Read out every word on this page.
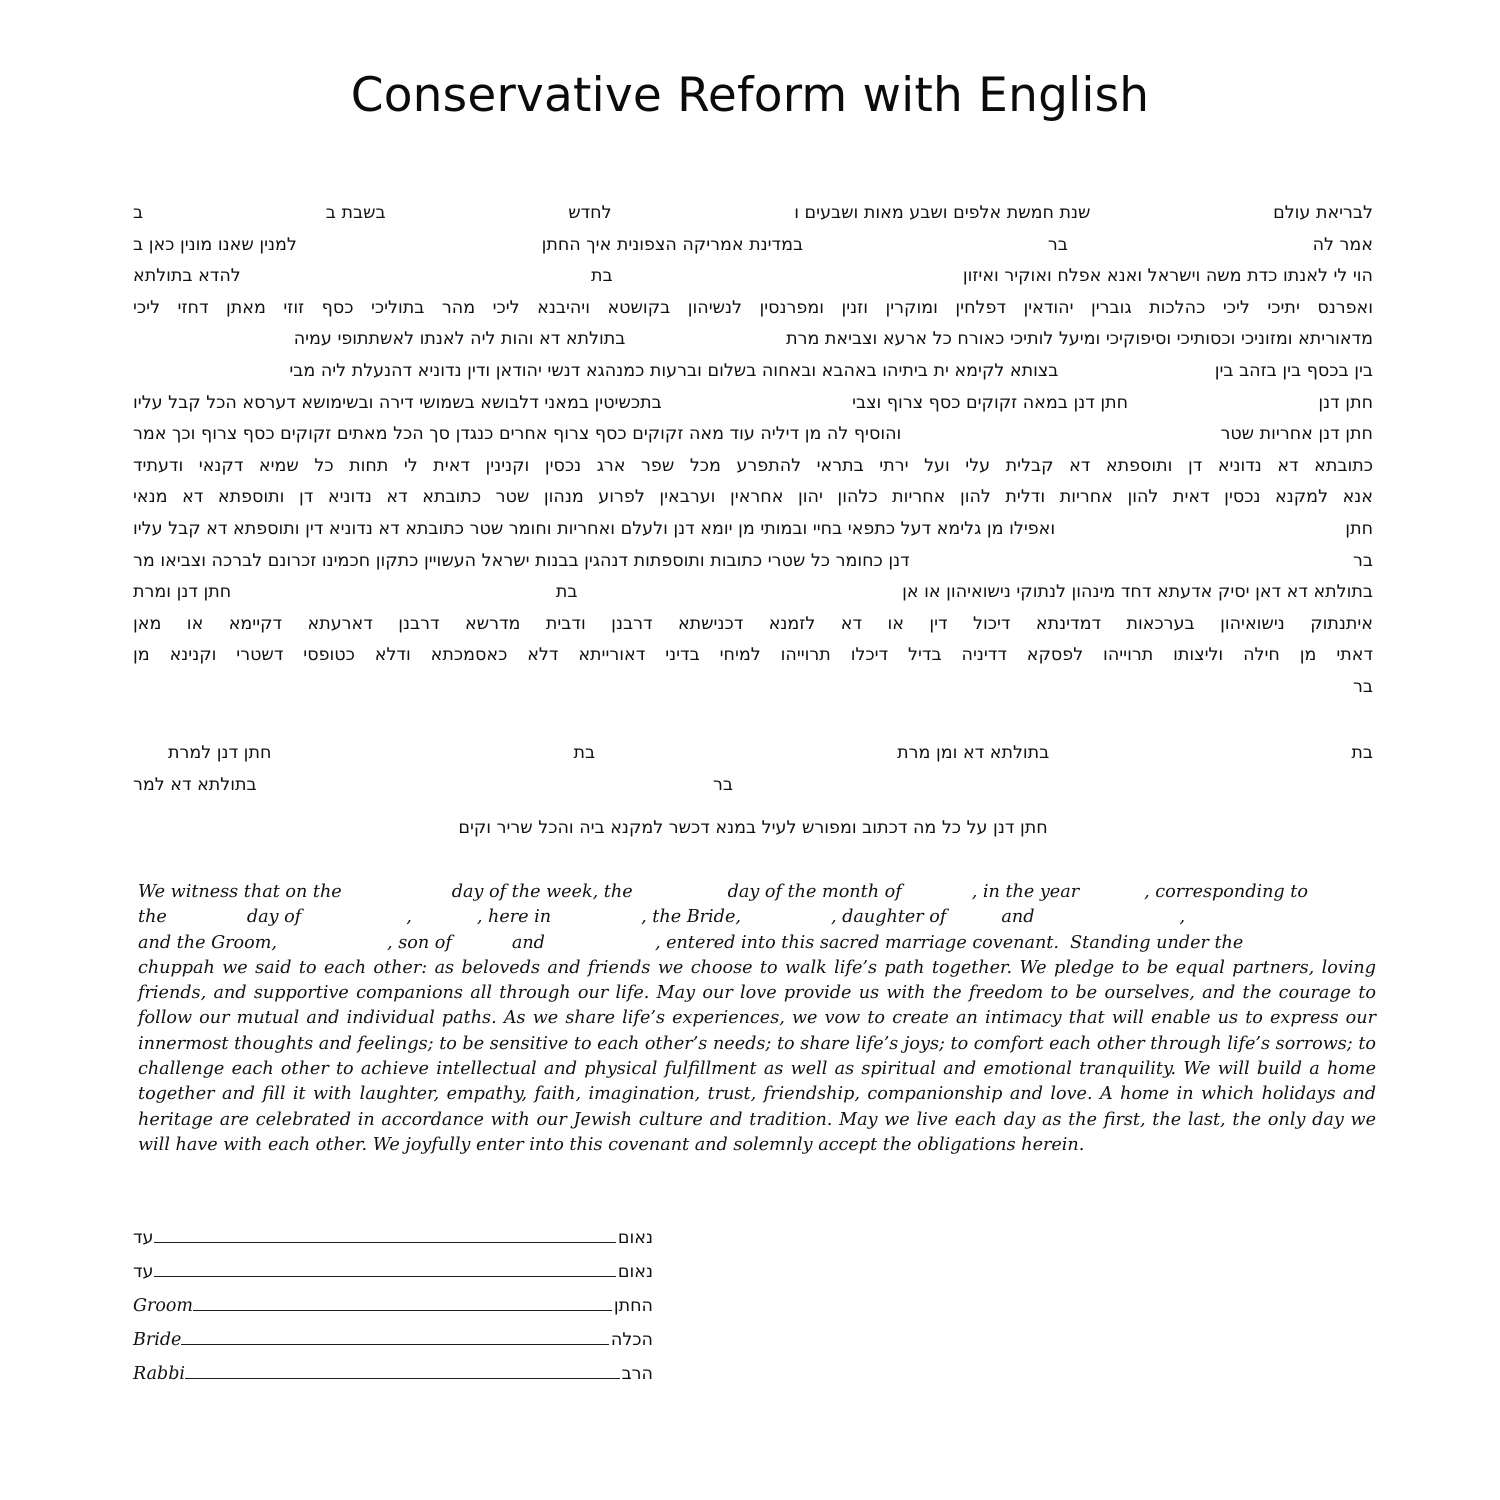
Conservative Reform with English
לבריאת עולם
שנת חמשת אלפים ושבע מאות ושבעים ו
לחדש
בשבת ב
ב
אמר לה
בר
במדינת אמריקה הצפונית איך החתן
למנין שאנו מונין כאן ב
הוי לי לאנתו כדת משה וישראל ואנא אפלח ואוקיר ואיזון
בת
להדא בתולתא
ואפרנס יתיכי ליכי כהלכות גוברין יהודאין דפלחין ומוקרין וזנין ומפרנסין לנשיהון בקושטא ויהיבנא ליכי מהר בתוליכי כסף זוזי מאתן דחזי ליכי
מדאוריתא ומזוניכי וכסותיכי וסיפוקיכי ומיעל לותיכי כאורח כל ארעא וצביאת מרת
בתולתא דא והות ליה לאנתו לאשתתופי עמיה
בין בכסף בין בזהב בין
בצותא לקימא ית ביתיהו באהבא ובאחוה בשלום וברעות כמנהגא דנשי יהודאן ודין נדוניא דהנעלת ליה מבי
חתן דנן
חתן דנן במאה זקוקים כסף צרוף וצבי
בתכשיטין במאני דלבושא בשמושי דירה ובשימושא דערסא הכל קבל עליו
חתן דנן אחריות שטר
והוסיף לה מן דיליה עוד מאה זקוקים כסף צרוף אחרים כנגדן סך הכל מאתים זקוקים כסף צרוף וכך אמר
כתובתא דא נדוניא דן ותוספתא דא קבלית עלי ועל ירתי בתראי להתפרע מכל שפר ארג נכסין וקנינין דאית לי תחות כל שמיא דקנאי ודעתיד
אנא למקנא נכסין דאית להון אחריות ודלית להון אחריות כלהון יהון אחראין וערבאין לפרוע מנהון שטר כתובתא דא נדוניא דן ותוספתא דא מנאי
חתן
ואפילו מן גלימא דעל כתפאי בחיי ובמותי מן יומא דנן ולעלם ואחריות וחומר שטר כתובתא דא נדוניא דין ותוספתא דא קבל עליו
בר
דנן כחומר כל שטרי כתובות ותוספתות דנהגין בבנות ישראל העשויין כתקון חכמינו זכרונם לברכה וצביאו מר
בתולתא דא דאן יסיק אדעתא דחד מינהון לנתוקי נישואיהון או אן
בת
חתן דנן ומרת
איתנתוק נישואיהון בערכאות דמדינתא דיכול דין או דא לזמנא דכנישתא דרבנן ודבית מדרשא דרבנן דארעתא דקיימא או מאן
דאתי מן חילה וליצותו תרוייהו לפסקא דדיניה בדיל דיכלו תרוייהו למיחי בדיני דאורייתא דלא כאסמכתא ודלא כטופסי דשטרי וקנינא מן
בר
בת
בתולתא דא ומן מרת
בת
חתן דנן למרת
בר
בתולתא דא למר
חתן דנן על כל מה דכתוב ומפורש לעיל במנא דכשר למקנא ביה והכל שריר וקים
We witness that on the	day of the week, the	day of the month of	, in the year	, corresponding to
the	day of	,	, here in	, the Bride,	, daughter of	and	,
and the Groom,	, son of	and	, entered into this sacred marriage covenant.  Standing under the
chuppah we said to each other: as beloveds and friends we choose to walk life’s path together. We pledge to be equal partners, loving friends, and supportive companions all through our life. May our love provide us with the freedom to be ourselves, and the courage to follow our mutual and individual paths. As we share life’s experiences, we vow to create an intimacy that will enable us to express our innermost thoughts and feelings; to be sensitive to each other’s needs; to share life’s joys; to comfort each other through life’s sorrows; to challenge each other to achieve intellectual and physical fulfillment as well as spiritual and emotional tranquility. We will build a home together and fill it with laughter, empathy, faith, imagination, trust, friendship, companionship and love. A home in which holidays and heritage are celebrated in accordance with our Jewish culture and tradition. May we live each day as the first, the last, the only day we will have with each other. We joyfully enter into this covenant and solemnly accept the obligations herein.
עד	נאום
עד	נאום
Groom	החתן
Bride	הכלה
Rabbi	הרב
